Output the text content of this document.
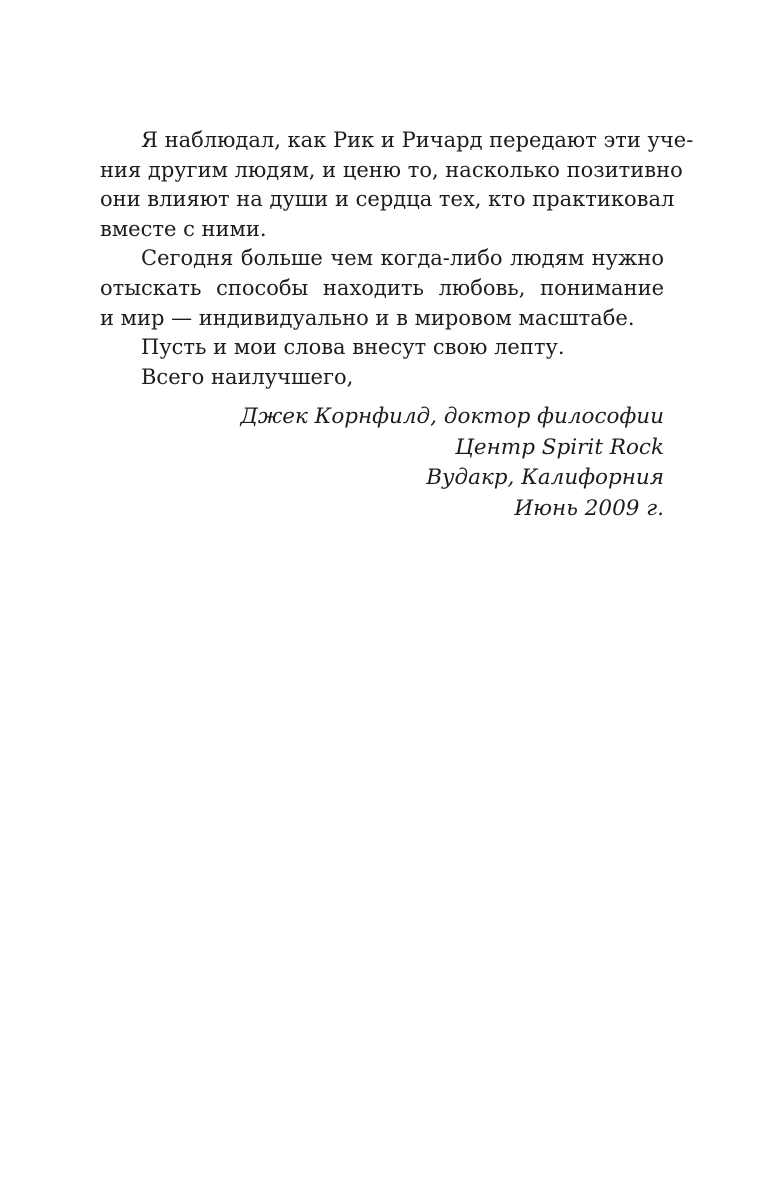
Я наблюдал, как Рик и Ричард передают эти уче-
ния другим людям, и ценю то, насколько позитивно
они влияют на души и сердца тех, кто практиковал
вместе с ними.
Сегодня больше чем когда-либо людям нужно
отыскать способы находить любовь, понимание
и мир — индивидуально и в мировом масштабе.
Пусть и мои слова внесут свою лепту.
Всего наилучшего,
Джек Корнфилд, доктор философии
Центр Spirit Rock
Вудакр, Калифорния
Июнь 2009 г.
